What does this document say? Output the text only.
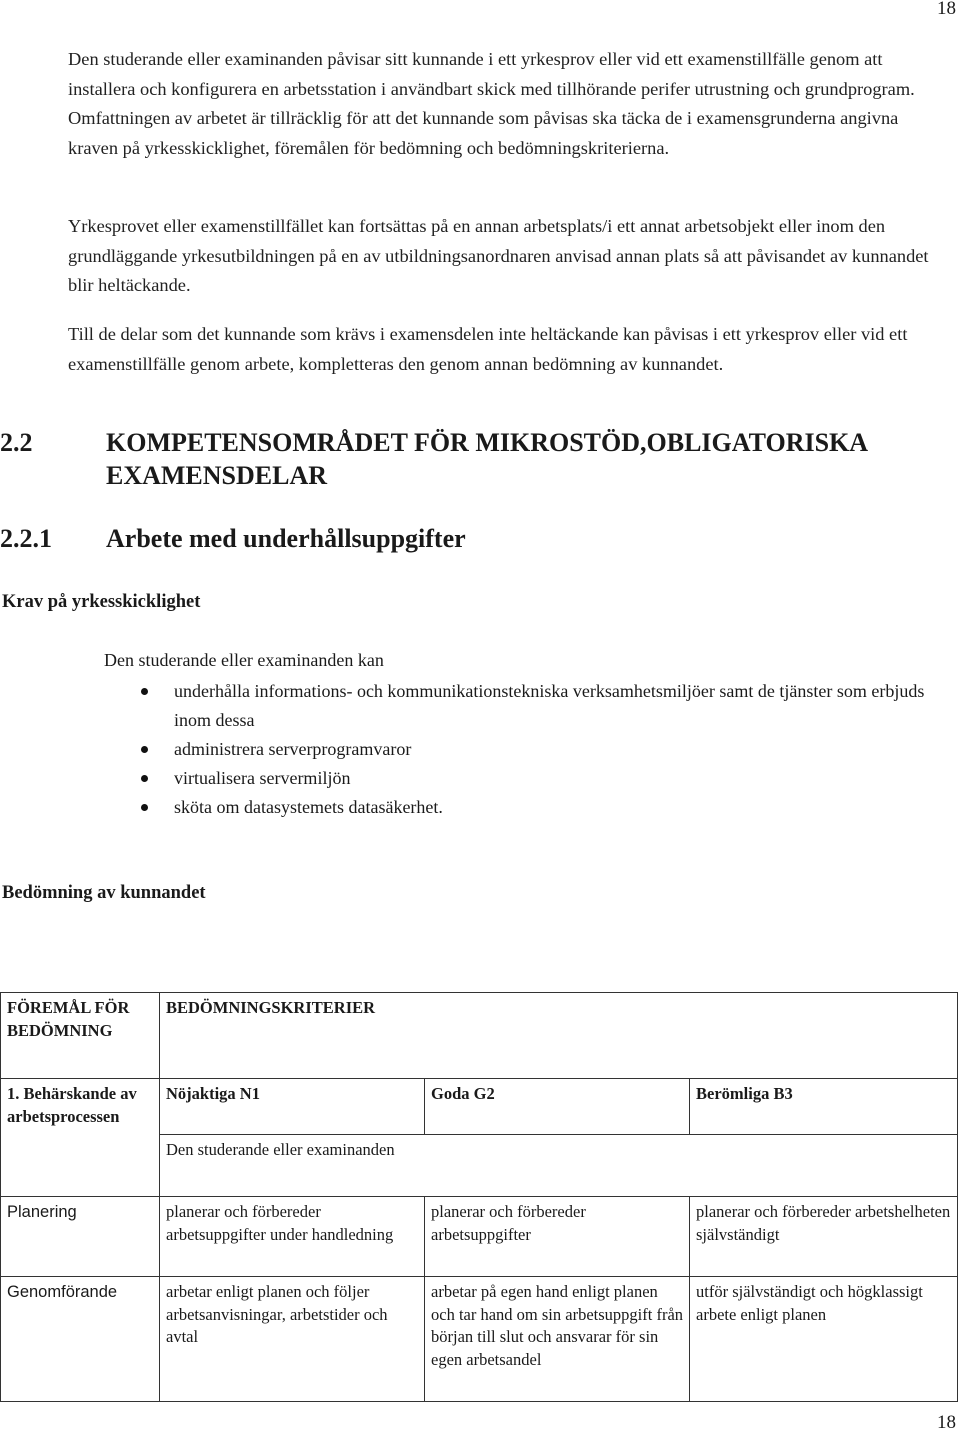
18

Den studerande eller examinanden påvisar sitt kunnande i ett yrkesprov eller vid ett examenstillfälle genom att installera och konfigurera en arbetsstation i användbart skick med tillhörande perifer utrustning och grundprogram. Omfattningen av arbetet är tillräcklig för att det kunnande som påvisas ska täcka de i examensgrunderna angivna kraven på yrkesskicklighet, föremålen för bedömning och bedömningskriterierna.

Yrkesprovet eller examenstillfället kan fortsättas på en annan arbetsplats/i ett annat arbetsobjekt eller inom den grundläggande yrkesutbildningen på en av utbildningsanordnaren anvisad annan plats så att påvisandet av kunnandet blir heltäckande.

Till de delar som det kunnande som krävs i examensdelen inte heltäckande kan påvisas i ett yrkesprov eller vid ett examenstillfälle genom arbete, kompletteras den genom annan bedömning av kunnandet.

2.2	KOMPETENSOMRÅDET FÖR MIKROSTÖD,OBLIGATORISKA EXAMENSDELAR
2.2.1 Arbete med underhållsuppgifter
Krav på yrkesskicklighet
Den studerande eller examinanden kan
underhålla informations- och kommunikationstekniska verksamhetsmiljöer samt de tjänster som erbjuds inom dessa
administrera serverprogramvaror
virtualisera servermiljön
sköta om datasystemets datasäkerhet.
Bedömning av kunnandet
FÖREMÅL FÖR BEDÖMNING	BEDÖMNINGSKRITERIER		

1. Behärskande av arbetsprocessen	Nöjaktiga N1	Goda G2	Berömliga B3

	Den studerande eller examinanden		

Planering	planerar och förbereder arbetsuppgifter under handledning	planerar och förbereder arbetsuppgifter	planerar och förbereder arbetshelheten självständigt

Genomförande	arbetar enligt planen och följer arbetsanvisningar, arbetstider och avtal	arbetar på egen hand enligt planen och tar hand om sin arbetsuppgift från början till slut och ansvarar för sin egen arbetsandel	utför självständigt och högklassigt arbete enligt planen
18
